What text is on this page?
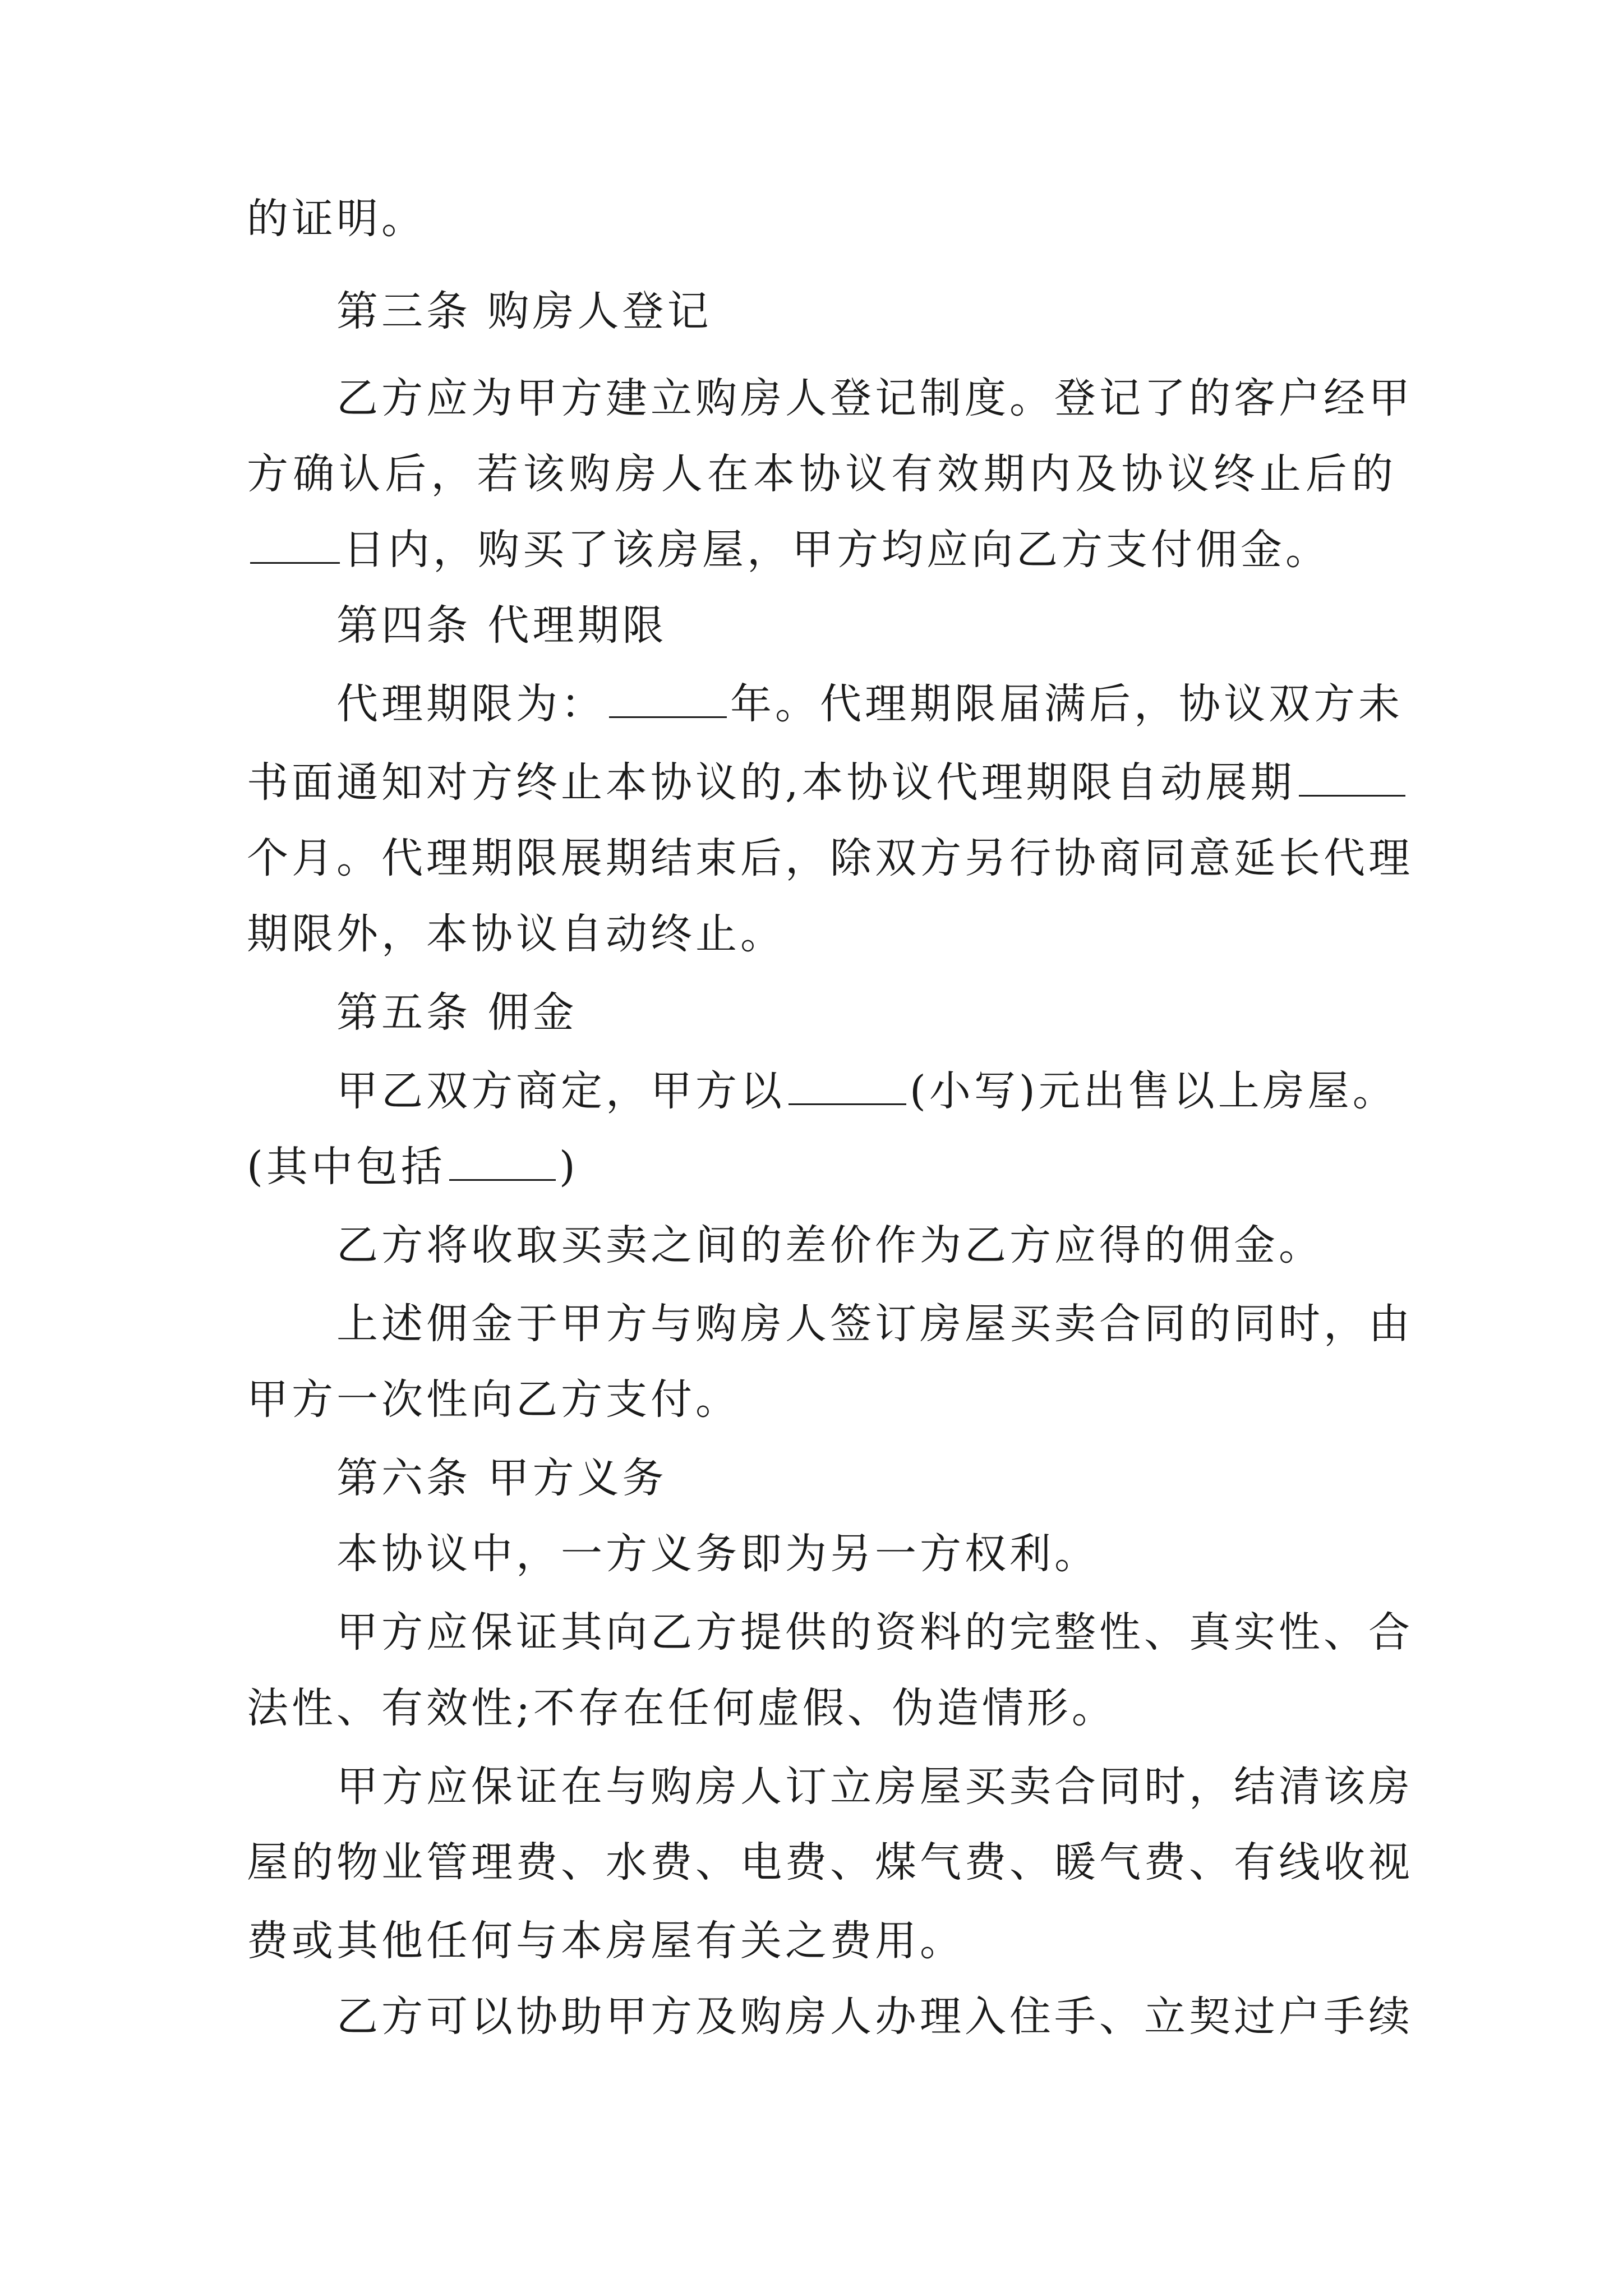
的证明。
第三条 购房人登记
乙方应为甲方建立购房人登记制度。登记了的客户经甲
方确认后，若该购房人在本协议有效期内及协议终止后的
日内，购买了该房屋，甲方均应向乙方支付佣金。
第四条 代理期限
代理期限为：	年。代理期限届满后，协议双方未
书面通知对方终止本协议的,本协议代理期限自动展期
个月。代理期限展期结束后，除双方另行协商同意延长代理
期限外，本协议自动终止。
第五条 佣金
甲乙双方商定，甲方以	(小写)元出售以上房屋。
(其中包括	)
乙方将收取买卖之间的差价作为乙方应得的佣金。
上述佣金于甲方与购房人签订房屋买卖合同的同时，由
甲方一次性向乙方支付。
第六条 甲方义务
本协议中，一方义务即为另一方权利。
甲方应保证其向乙方提供的资料的完整性、真实性、合
法性、有效性;不存在任何虚假、伪造情形。
甲方应保证在与购房人订立房屋买卖合同时，结清该房
屋的物业管理费、水费、电费、煤气费、暖气费、有线收视
费或其他任何与本房屋有关之费用。
乙方可以协助甲方及购房人办理入住手、立契过户手续
